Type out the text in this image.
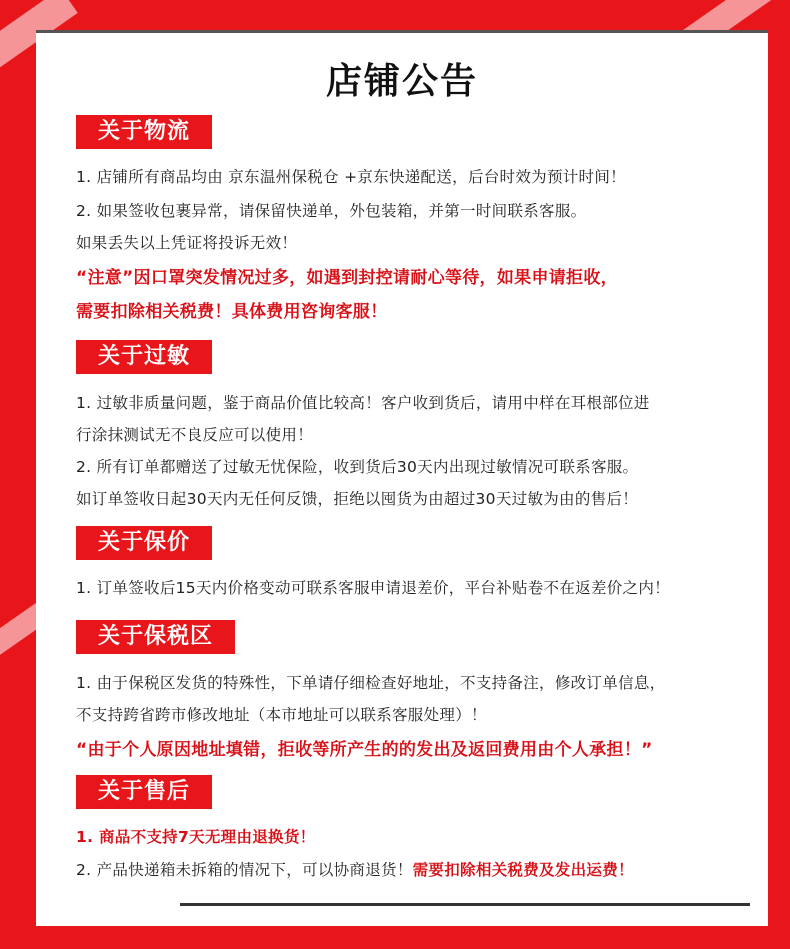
店铺公告
关于物流
1. 店铺所有商品均由 京东温州保税仓 +京东快递配送，后台时效为预计时间！
2. 如果签收包裹异常，请保留快递单，外包装箱，并第一时间联系客服。
如果丢失以上凭证将投诉无效！
“注意”因口罩突发情况过多，如遇到封控请耐心等待，如果申请拒收，
需要扣除相关税费！具体费用咨询客服！
关于过敏
1. 过敏非质量问题，鉴于商品价值比较高！客户收到货后，请用中样在耳根部位进
行涂抹测试无不良反应可以使用！
2. 所有订单都赠送了过敏无忧保险，收到货后30天内出现过敏情况可联系客服。
如订单签收日起30天内无任何反馈，拒绝以囤货为由超过30天过敏为由的售后！
关于保价
1. 订单签收后15天内价格变动可联系客服申请退差价，平台补贴卷不在返差价之内！
关于保税区
1. 由于保税区发货的特殊性，下单请仔细检查好地址，不支持备注，修改订单信息，
不支持跨省跨市修改地址（本市地址可以联系客服处理）！
“由于个人原因地址填错，拒收等所产生的的发出及返回费用由个人承担！”
关于售后
1. 商品不支持7天无理由退换货！
2. 产品快递箱未拆箱的情况下，可以协商退货！需要扣除相关税费及发出运费！
